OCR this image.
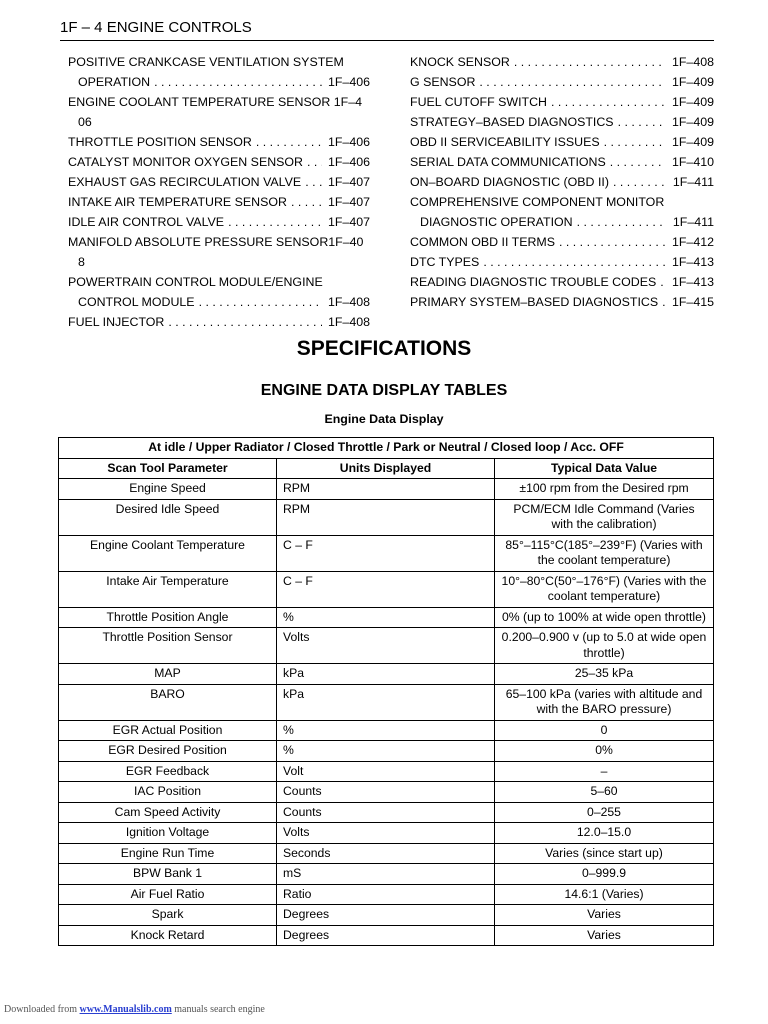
1F – 4 ENGINE CONTROLS
POSITIVE CRANKCASE VENTILATION SYSTEM
OPERATION . . .	1F–406
ENGINE COOLANT TEMPERATURE SENSOR 1F–4
06
THROTTLE POSITION SENSOR . . .	1F–406
CATALYST MONITOR OXYGEN SENSOR . . .	1F–406
EXHAUST GAS RECIRCULATION VALVE . . .	1F–407
INTAKE AIR TEMPERATURE SENSOR . . .	1F–407
IDLE AIR CONTROL VALVE . . .	1F–407
MANIFOLD ABSOLUTE PRESSURE SENSOR1F–40
8
POWERTRAIN CONTROL MODULE/ENGINE
CONTROL MODULE . . .	1F–408
FUEL INJECTOR . . .	1F–408
KNOCK SENSOR . . .	1F–408
G SENSOR . . .	1F–409
FUEL CUTOFF SWITCH . . .	1F–409
STRATEGY–BASED DIAGNOSTICS . . .	1F–409
OBD II SERVICEABILITY ISSUES . . .	1F–409
SERIAL DATA COMMUNICATIONS . . .	1F–410
ON–BOARD DIAGNOSTIC (OBD II) . . .	1F–411
COMPREHENSIVE COMPONENT MONITOR
DIAGNOSTIC OPERATION . . .	1F–411
COMMON OBD II TERMS . . .	1F–412
DTC TYPES . . .	1F–413
READING DIAGNOSTIC TROUBLE CODES . . .	1F–413
PRIMARY SYSTEM–BASED DIAGNOSTICS . . .	1F–415
SPECIFICATIONS
ENGINE DATA DISPLAY TABLES
Engine Data Display
At idle / Upper Radiator / Closed Throttle / Park or Neutral / Closed loop / Acc. OFF		
Scan Tool Parameter	Units Displayed	Typical Data Value
Engine Speed	RPM	±100 rpm from the Desired rpm
Desired Idle Speed	RPM	PCM/ECM Idle Command (Varies with the calibration)
Engine Coolant Temperature	C – F	85°–115°C(185°–239°F) (Varies with the coolant temperature)
Intake Air Temperature	C – F	10°–80°C(50°–176°F) (Varies with the coolant temperature)
Throttle Position Angle	%	0% (up to 100% at wide open throttle)
Throttle Position Sensor	Volts	0.200–0.900 v (up to 5.0 at wide open throttle)
MAP	kPa	25–35 kPa
BARO	kPa	65–100 kPa (varies with altitude and with the BARO pressure)
EGR Actual Position	%	0
EGR Desired Position	%	0%
EGR Feedback	Volt	–
IAC Position	Counts	5–60
Cam Speed Activity	Counts	0–255
Ignition Voltage	Volts	12.0–15.0
Engine Run Time	Seconds	Varies (since start up)
BPW Bank 1	mS	0–999.9
Air Fuel Ratio	Ratio	14.6:1 (Varies)
Spark	Degrees	Varies
Knock Retard	Degrees	Varies
Downloaded from www.Manualslib.com manuals search engine
